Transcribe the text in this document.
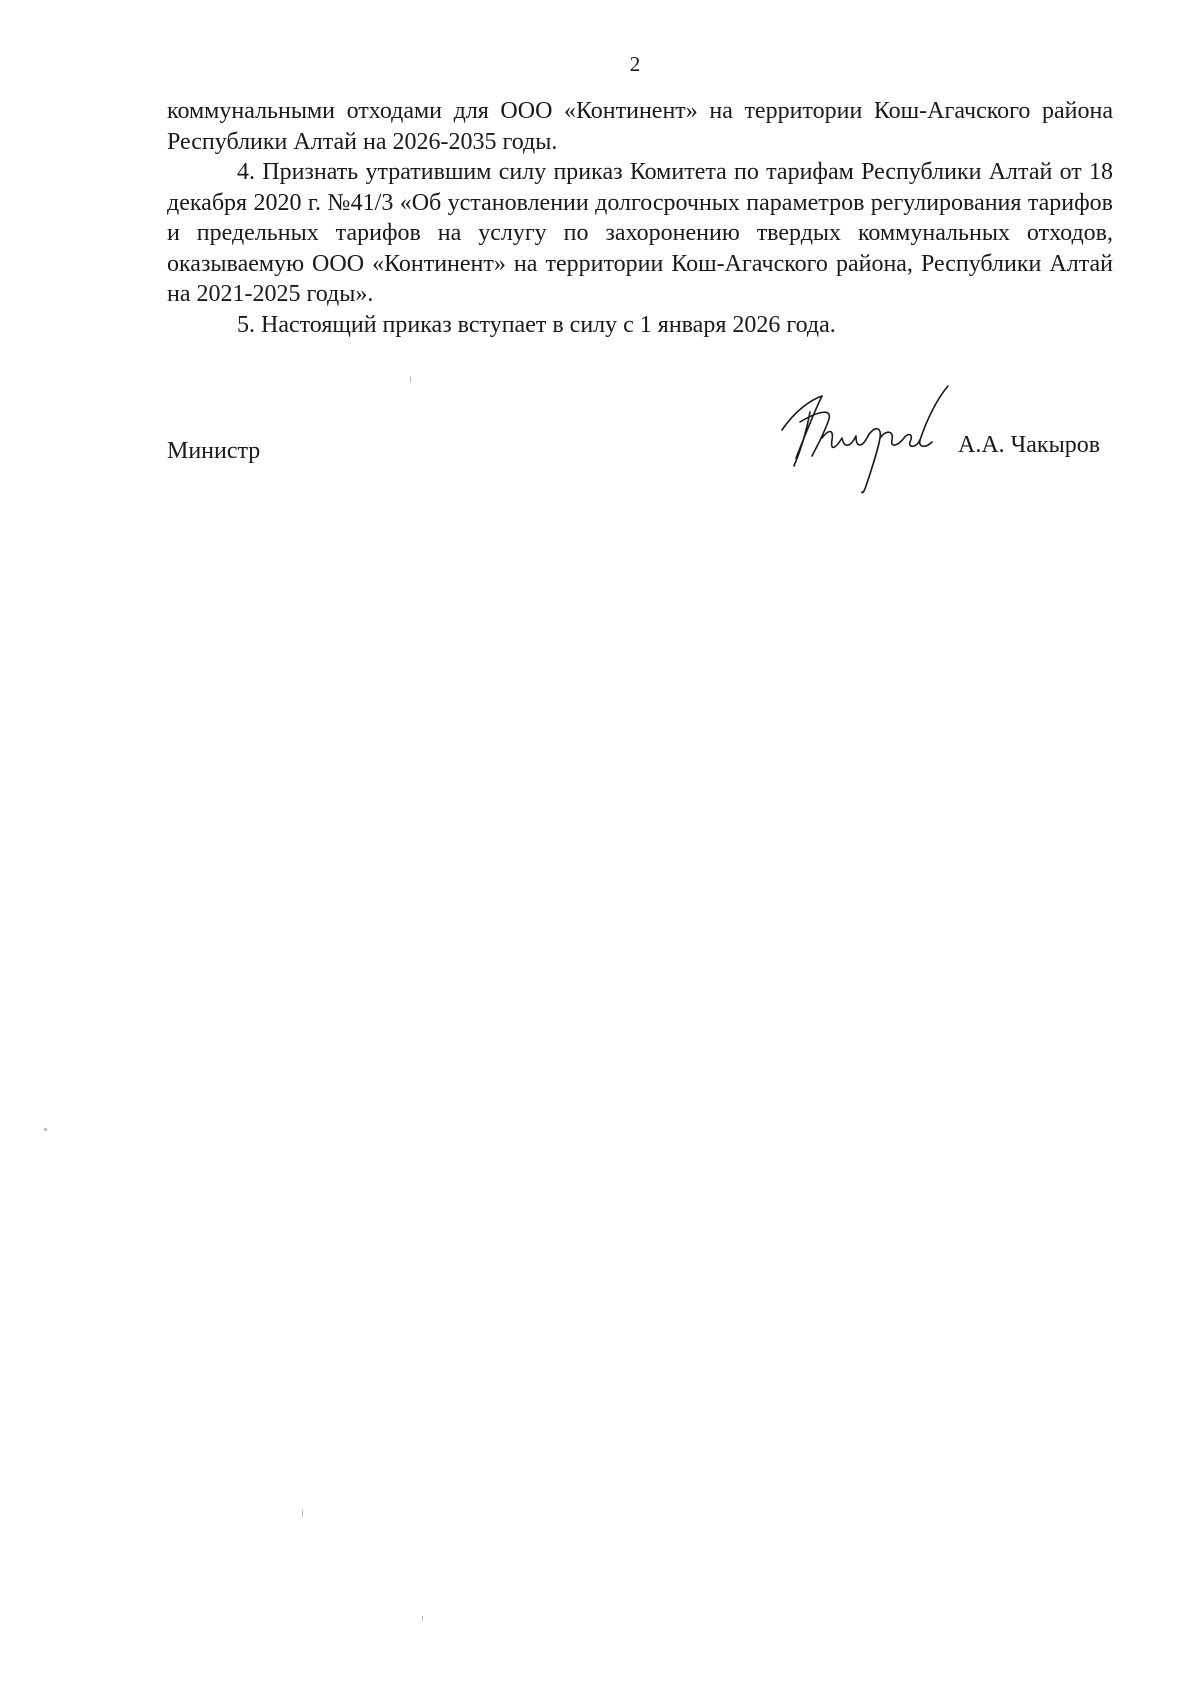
2

коммунальными отходами для ООО «Континент» на территории Кош-Агачского района Республики Алтай на 2026-2035 годы.

4. Признать утратившим силу приказ Комитета по тарифам Республики Алтай от 18 декабря 2020 г. №41/3 «Об установлении долгосрочных параметров регулирования тарифов и предельных тарифов на услугу по захоронению твердых коммунальных отходов, оказываемую ООО «Континент» на территории Кош-Агачского района, Республики Алтай на 2021-2025 годы».

5. Настоящий приказ вступает в силу с 1 января 2026 года.

Министр	А.А. Чакыров
